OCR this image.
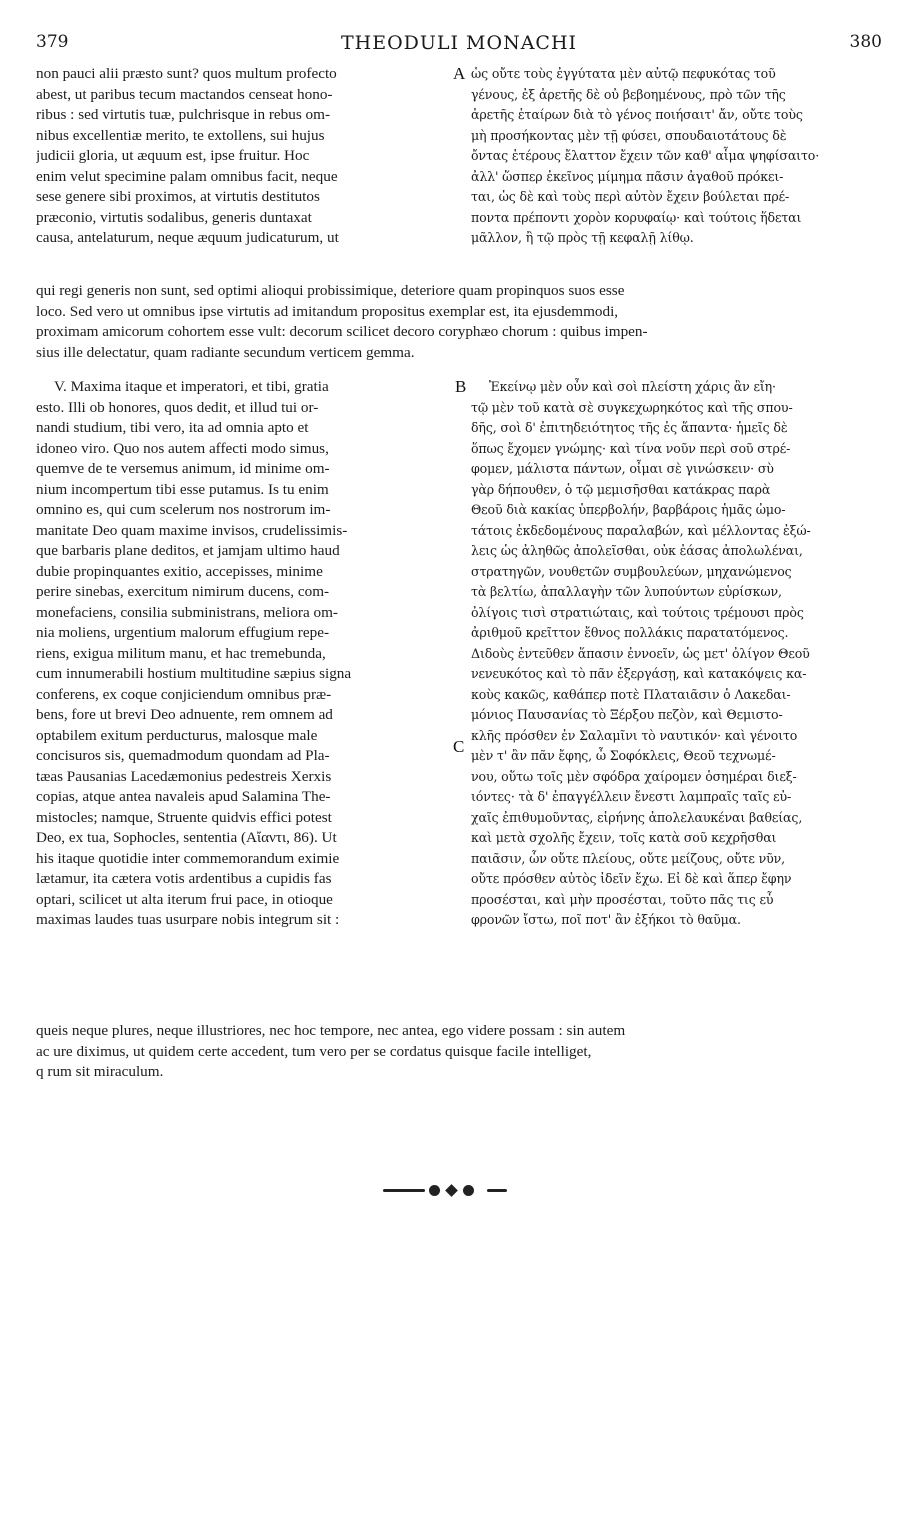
379	THEODULI MONACHI	380
non pauci alii præsto sunt? quos multum profecto
abest, ut paribus tecum mactandos censeat hono-
ribus : sed virtutis tuæ, pulchrisque in rebus om-
nibus excellentiæ merito, te extollens, sui hujus
judicii gloria, ut æquum est, ipse fruitur. Hoc
enim velut specimine palam omnibus facit, neque
sese genere sibi proximos, at virtutis destitutos
præconio, virtutis sodalibus, generis duntaxat
causa, antelaturum, neque æquum judicaturum, ut
A ὡς οὔτε τοὺς ἐγγύτατα μὲν αὐτῷ πεφυκότας τοῦ
γένους, ἐξ ἀρετῆς δὲ οὐ βεβοημένους, πρὸ τῶν τῆς
ἀρετῆς ἑταίρων διὰ τὸ γένος ποιήσαιτ' ἄν, οὔτε τοὺς
μὴ προσήκοντας μὲν τῇ φύσει, σπουδαιοτάτους δὲ
ὄντας ἑτέρους ἔλαττον ἔχειν τῶν καθ' αἷμα ψηφίσαιτο·
ἀλλ' ὥσπερ ἐκεῖνος μίμημα πᾶσιν ἀγαθοῦ πρόκει-
ται, ὡς δὲ καὶ τοὺς περὶ αὐτὸν ἔχειν βούλεται πρέ-
ποντα πρέποντι χορὸν κορυφαίῳ· καὶ τούτοις ἥδεται
μᾶλλον, ἢ τῷ πρὸς τῇ κεφαλῇ λίθῳ.
qui regi generis non sunt, sed optimi alioqui probissimique, deteriore quam propinquos suos esse
loco. Sed vero ut omnibus ipse virtutis ad imitandum propositus exemplar est, ita ejusdemmodi,
proximam amicorum cohortem esse vult: decorum scilicet decoro coryphæo chorum : quibus impen-
sius ille delectatur, quam radiante secundum verticem gemma.
V. Maxima itaque et imperatori, et tibi, gratia
esto. Illi ob honores, quos dedit, et illud tui or-
nandi studium, tibi vero, ita ad omnia apto et
idoneo viro. Quo nos autem affecti modo simus,
quemve de te versemus animum, id minime om-
nium incompertum tibi esse putamus. Is tu enim
omnino es, qui cum scelerum nos nostrorum im-
manitate Deo quam maxime invisos, crudelissimis-
que barbaris plane deditos, et jamjam ultimo haud
dubie propinquantes exitio, accepisses, minime
perire sinebas, exercitum nimirum ducens, com-
monefaciens, consilia subministrans, meliora om-
nia moliens, urgentium malorum effugium repe-
riens, exigua militum manu, et hac tremebunda,
cum innumerabili hostium multitudine sæpius signa
conferens, ex coque conjiciendum omnibus præ-
bens, fore ut brevi Deo adnuente, rem omnem ad
optabilem exitum perducturus, malosque male
concisuros sis, quemadmodum quondam ad Pla-
tæas Pausanias Lacedæmonius pedestreis Xerxis
copias, atque antea navaleis apud Salamina The-
mistocles; namque, Struente quidvis effici potest
Deo, ex tua, Sophocles, sententia (Αἴαντι, 86). Ut
his itaque quotidie inter commemorandum eximie
lætamur, ita cætera votis ardentibus a cupidis fas
optari, scilicet ut alta iterum frui pace, in otioque
maximas laudes tuas usurpare nobis integrum sit :
B	Ἐκείνῳ μὲν οὖν καὶ σοὶ πλείστη χάρις ἂν εἴη·
τῷ μὲν τοῦ κατὰ σὲ συγκεχωρηκότος καὶ τῆς σπου-
δῆς, σοὶ δ' ἐπιτηδειότητος τῆς ἐς ἅπαντα· ἡμεῖς δὲ
ὅπως ἔχομεν γνώμης· καὶ τίνα νοῦν περὶ σοῦ στρέ-
φομεν, μάλιστα πάντων, οἶμαι σὲ γινώσκειν· σὺ
γὰρ δήπουθεν, ὁ τῷ μεμισῆσθαι κατάκρας παρὰ
Θεοῦ διὰ κακίας ὑπερβολήν, βαρβάροις ἡμᾶς ὠμο-
τάτοις ἐκδεδομένους παραλαβών, καὶ μέλλοντας ἐξώ-
λεις ὡς ἀληθῶς ἀπολεῖσθαι, οὐκ ἐάσας ἀπολωλέναι,
στρατηγῶν, νουθετῶν συμβουλεύων, μηχανώμενος
τὰ βελτίω, ἀπαλλαγὴν τῶν λυπούντων εὑρίσκων,
ὀλίγοις τισὶ στρατιώταις, καὶ τούτοις τρέμουσι πρὸς
ἀριθμοῦ κρεῖττον ἔθνος πολλάκις παρατατόμενος.
Διδοὺς ἐντεῦθεν ἅπασιν ἐννοεῖν, ὡς μετ' ὀλίγον Θεοῦ
νενευκότος καὶ τὸ πᾶν ἐξεργάσῃ, καὶ κατακόψεις κα-
κοὺς κακῶς, καθάπερ ποτὲ Πλαταιᾶσιν ὁ Λακεδαι-
μόνιος Παυσανίας τὸ Ξέρξου πεζὸν, καὶ Θεμιστο-
κλῆς πρόσθεν ἐν Σαλαμῖνι τὸ ναυτικόν· καὶ γένοιτο
μὲν τ' ἂν πᾶν ἔφης, ὦ Σοφόκλεις, Θεοῦ τεχνωμέ-
νου, οὕτω τοῖς μὲν σφόδρα χαίρομεν ὁσημέραι διεξ-
ιόντες· τὰ δ' ἐπαγγέλλειν ἔνεστι λαμπραῖς ταῖς εὐ-
χαῖς ἐπιθυμοῦντας, εἰρήνης ἀπολελαυκέναι βαθείας,
καὶ μετὰ σχολῆς ἔχειν, τοῖς κατὰ σοῦ κεχρῆσθαι
παιᾶσιν, ὧν οὔτε πλείους, οὔτε μείζους, οὔτε νῦν,
οὔτε πρόσθεν αὐτὸς ἰδεῖν ἔχω. Εἰ δὲ καὶ ἅπερ ἔφην
προσέσται, καὶ μὴν προσέσται, τοῦτο πᾶς τις εὖ
φρονῶν ἴστω, ποῖ ποτ' ἂν ἐξήκοι τὸ θαῦμα.
C
queis neque plures, neque illustriores, nec hoc tempore, nec antea, ego videre possam : sin autem
ac ure diximus, ut quidem certe accedent, tum vero per se cordatus quisque facile intelliget,
q rum sit miraculum.
